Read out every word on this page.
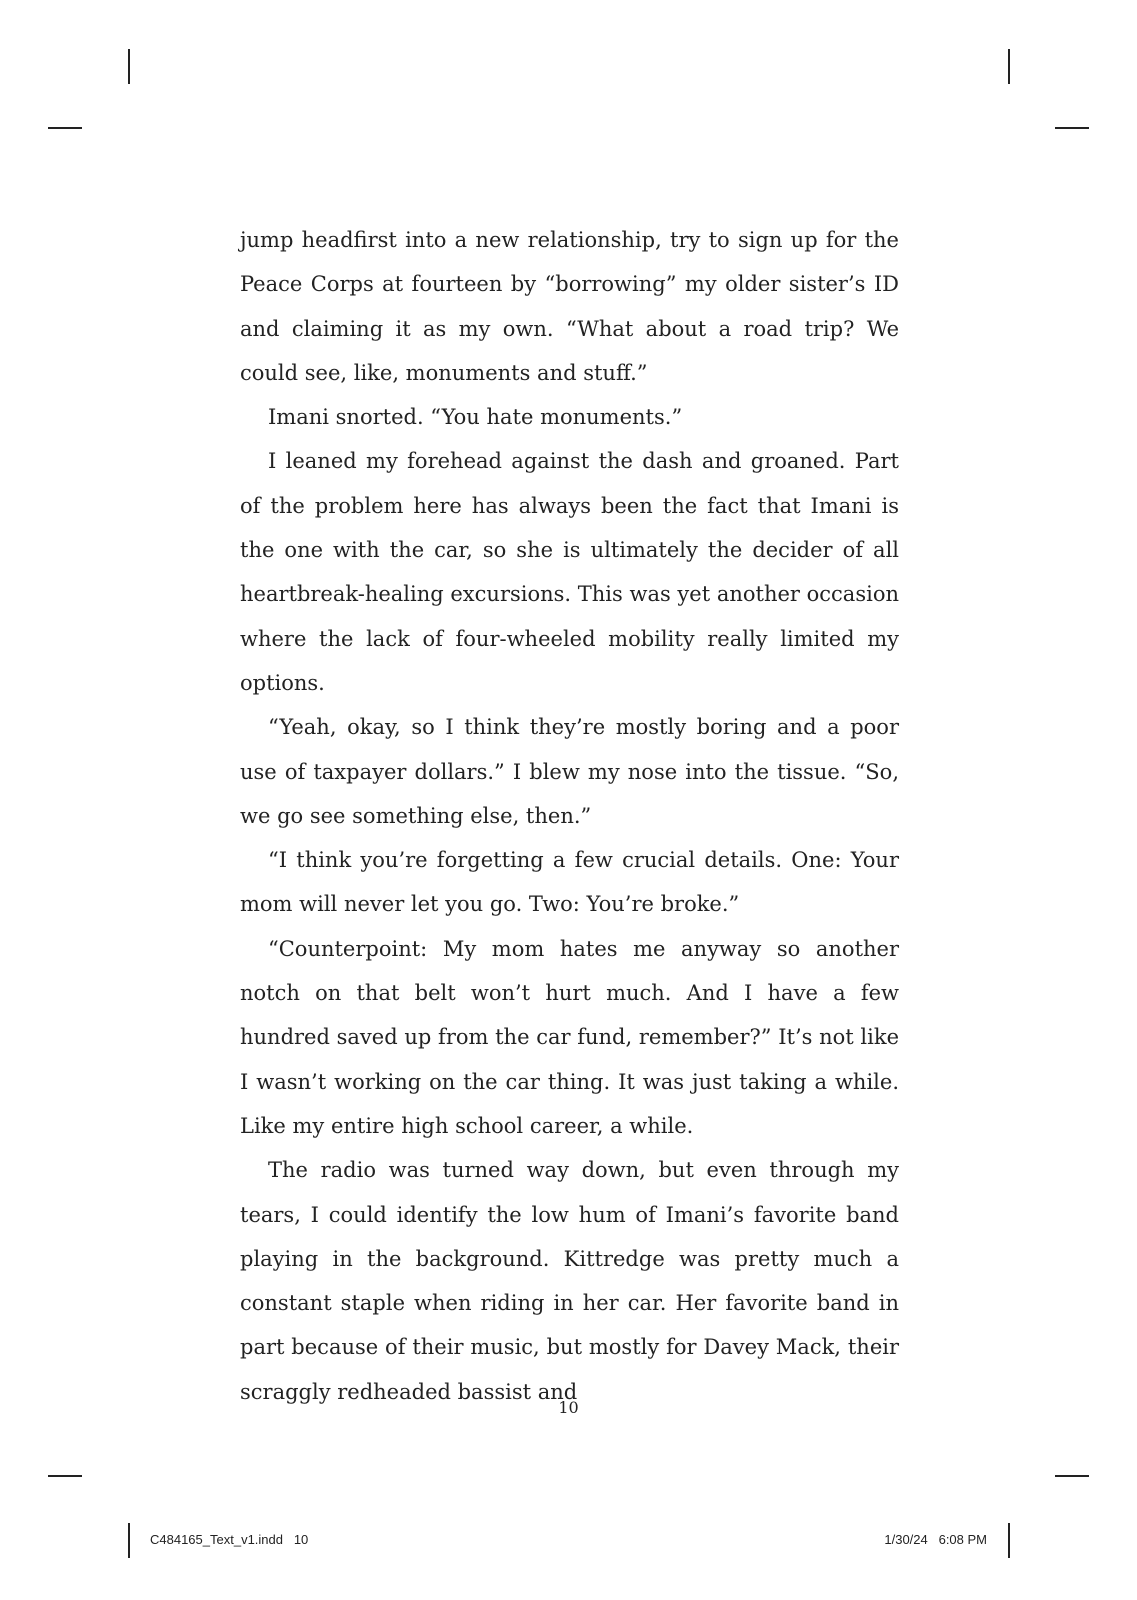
jump headfirst into a new relationship, try to sign up for the Peace Corps at fourteen by “borrowing” my older sister’s ID and claiming it as my own. “What about a road trip? We could see, like, monuments and stuff.”

Imani snorted. “You hate monuments.”

I leaned my forehead against the dash and groaned. Part of the problem here has always been the fact that Imani is the one with the car, so she is ultimately the decider of all heartbreak-healing excursions. This was yet another occasion where the lack of four-wheeled mobility really limited my options.

“Yeah, okay, so I think they’re mostly boring and a poor use of taxpayer dollars.” I blew my nose into the tissue. “So, we go see something else, then.”

“I think you’re forgetting a few crucial details. One: Your mom will never let you go. Two: You’re broke.”

“Counterpoint: My mom hates me anyway so another notch on that belt won’t hurt much. And I have a few hundred saved up from the car fund, remember?” It’s not like I wasn’t working on the car thing. It was just taking a while. Like my entire high school career, a while.

The radio was turned way down, but even through my tears, I could identify the low hum of Imani’s favorite band playing in the background. Kittredge was pretty much a constant staple when riding in her car. Her favorite band in part because of their music, but mostly for Davey Mack, their scraggly redheaded bassist and

10
C484165_Text_v1.indd   10	1/30/24   6:08 PM
